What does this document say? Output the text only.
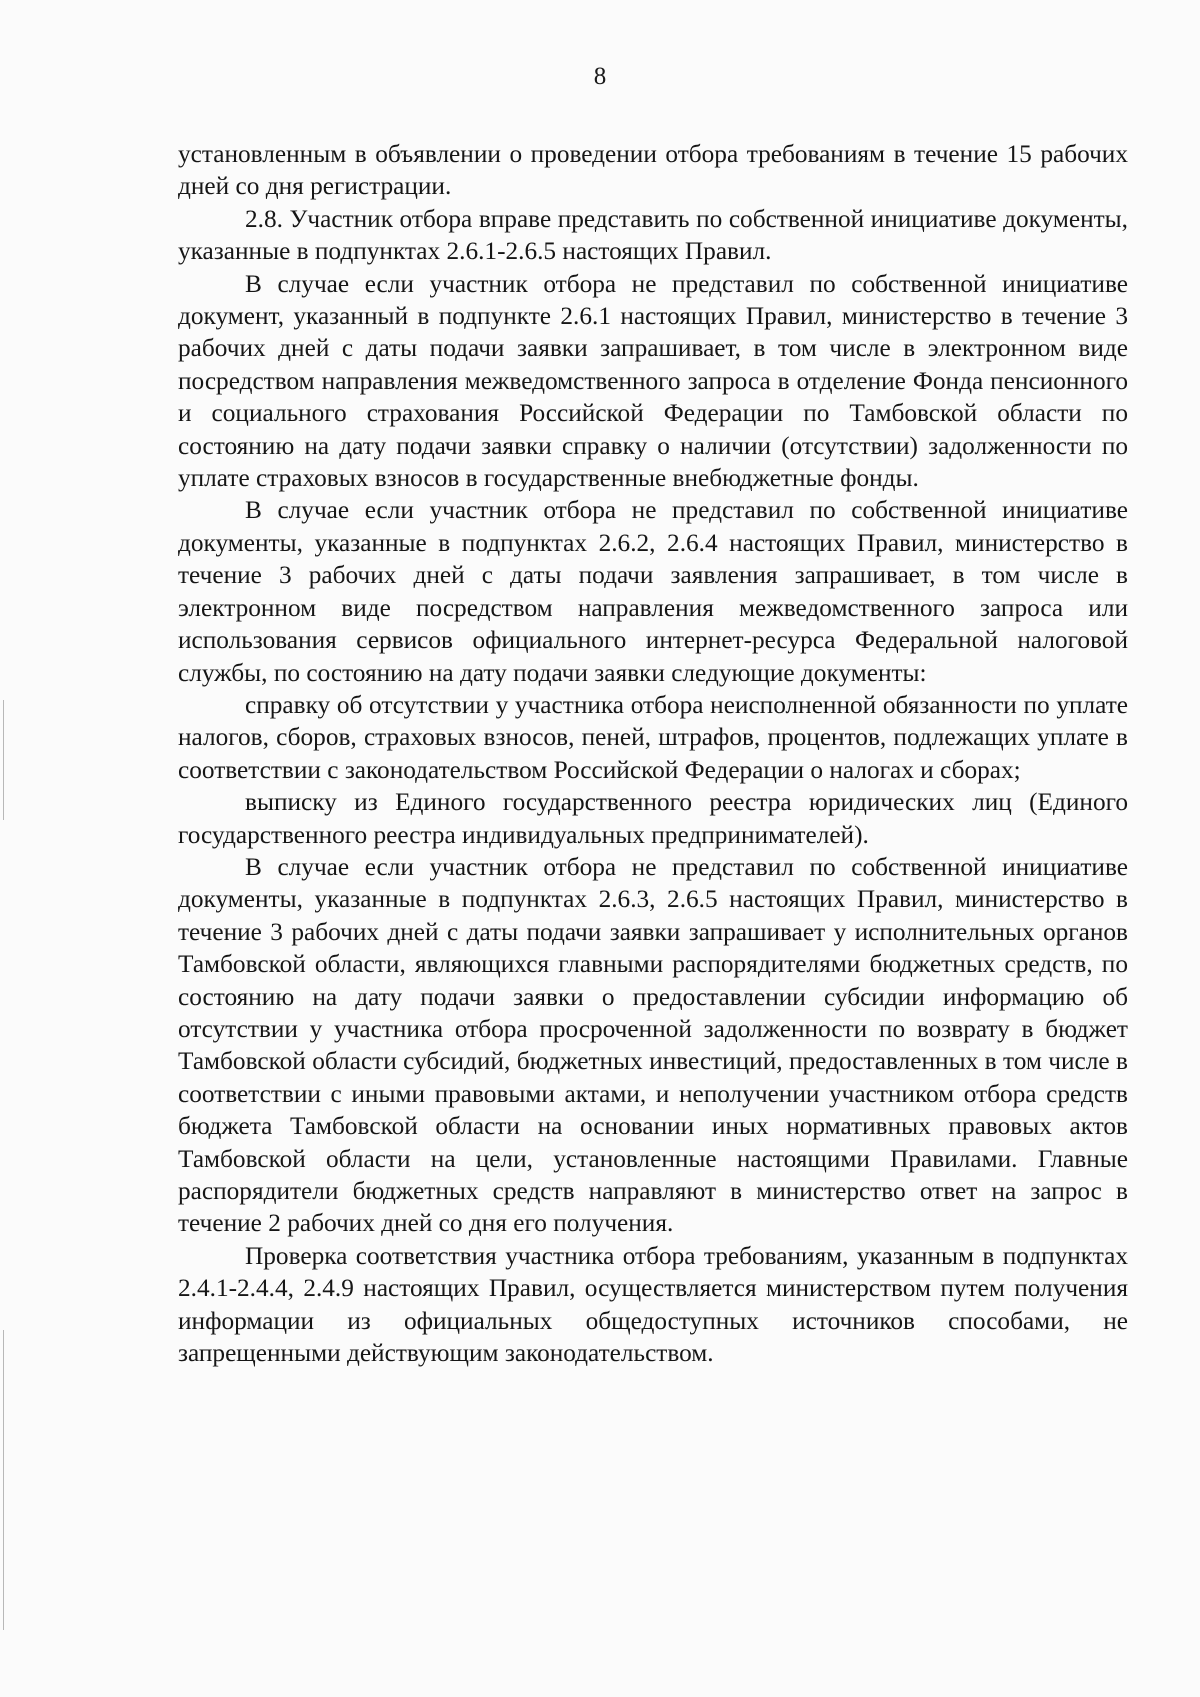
8

установленным в объявлении о проведении отбора требованиям в течение 15 рабочих дней со дня регистрации.

2.8. Участник отбора вправе представить по собственной инициативе документы, указанные в подпунктах 2.6.1-2.6.5 настоящих Правил.

В случае если участник отбора не представил по собственной инициативе документ, указанный в подпункте 2.6.1 настоящих Правил, министерство в течение 3 рабочих дней с даты подачи заявки запрашивает, в том числе в электронном виде посредством направления межведомственного запроса в отделение Фонда пенсионного и социального страхования Российской Федерации по Тамбовской области по состоянию на дату подачи заявки справку о наличии (отсутствии) задолженности по уплате страховых взносов в государственные внебюджетные фонды.

В случае если участник отбора не представил по собственной инициативе документы, указанные в подпунктах 2.6.2, 2.6.4 настоящих Правил, министерство в течение 3 рабочих дней с даты подачи заявления запрашивает, в том числе в электронном виде посредством направления межведомственного запроса или использования сервисов официального интернет-ресурса Федеральной налоговой службы, по состоянию на дату подачи заявки следующие документы:

справку об отсутствии у участника отбора неисполненной обязанности по уплате налогов, сборов, страховых взносов, пеней, штрафов, процентов, подлежащих уплате в соответствии с законодательством Российской Федерации о налогах и сборах;

выписку из Единого государственного реестра юридических лиц (Единого государственного реестра индивидуальных предпринимателей).

В случае если участник отбора не представил по собственной инициативе документы, указанные в подпунктах 2.6.3, 2.6.5 настоящих Правил, министерство в течение 3 рабочих дней с даты подачи заявки запрашивает у исполнительных органов Тамбовской области, являющихся главными распорядителями бюджетных средств, по состоянию на дату подачи заявки о предоставлении субсидии информацию об отсутствии у участника отбора просроченной задолженности по возврату в бюджет Тамбовской области субсидий, бюджетных инвестиций, предоставленных в том числе в соответствии с иными правовыми актами, и неполучении участником отбора средств бюджета Тамбовской области на основании иных нормативных правовых актов Тамбовской области на цели, установленные настоящими Правилами. Главные распорядители бюджетных средств направляют в министерство ответ на запрос в течение 2 рабочих дней со дня его получения.

Проверка соответствия участника отбора требованиям, указанным в подпунктах 2.4.1-2.4.4, 2.4.9 настоящих Правил, осуществляется министерством путем получения информации из официальных общедоступных источников способами, не запрещенными действующим законодательством.
